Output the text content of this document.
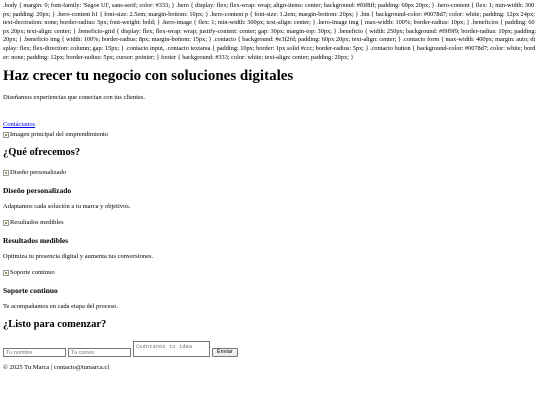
.body { margin: 0; font-family: 'Segoe UI', sans-serif; color: #333; } .hero { display: flex; flex-wrap: wrap; align-items: center; background: #f0f8ff; padding: 60px 20px; } .hero-content { flex: 1; min-width: 300px; padding: 20px; } .hero-content h1 { font-size: 2.5em; margin-bottom: 10px; } .hero-content p { font-size: 1.2em; margin-bottom: 20px; } .btn { background-color: #0078d7; color: white; padding: 12px 24px; text-decoration: none; border-radius: 5px; font-weight: bold; } .hero-image { flex: 1; min-width: 300px; text-align: center; } .hero-image img { max-width: 100%; border-radius: 10px; } .beneficios { padding: 60px 20px; text-align: center; } .beneficio-grid { display: flex; flex-wrap: wrap; justify-content: center; gap: 30px; margin-top: 30px; } .beneficio { width: 250px; background: #f9f9f9; border-radius: 10px; padding: 20px; } .beneficio img { width: 100%; border-radius: 8px; margin-bottom: 15px; } .contacto { background: #e3f2fd; padding: 60px 20px; text-align: center; } .contacto form { max-width: 400px; margin: auto; display: flex; flex-direction: column; gap: 15px; } .contacto input, .contacto textarea { padding: 10px; border: 1px solid #ccc; border-radius: 5px; } .contacto button { background-color: #0078d7; color: white; border: none; padding: 12px; border-radius: 5px; cursor: pointer; } footer { background: #333; color: white; text-align: center; padding: 20px; }
Haz crecer tu negocio con soluciones digitales

Diseñamos experiencias que conectan con tus clientes.

Contáctanos
Imagen principal del emprendimiento
¿Qué ofrecemos?
Diseño personalizado
Diseño personalizado

Adaptamos cada solución a tu marca y objetivos.

Resultados medibles
Resultados medibles

Optimiza tu presencia digital y aumenta tus conversiones.

Soporte continuo
Soporte continuo

Te acompañamos en cada etapa del proceso.

¿Listo para comenzar?
Tu nombre
Tu correo
Cuéntanos tu idea
Enviar
© 2025 Tu Marca | contacto@tumarca.cl
